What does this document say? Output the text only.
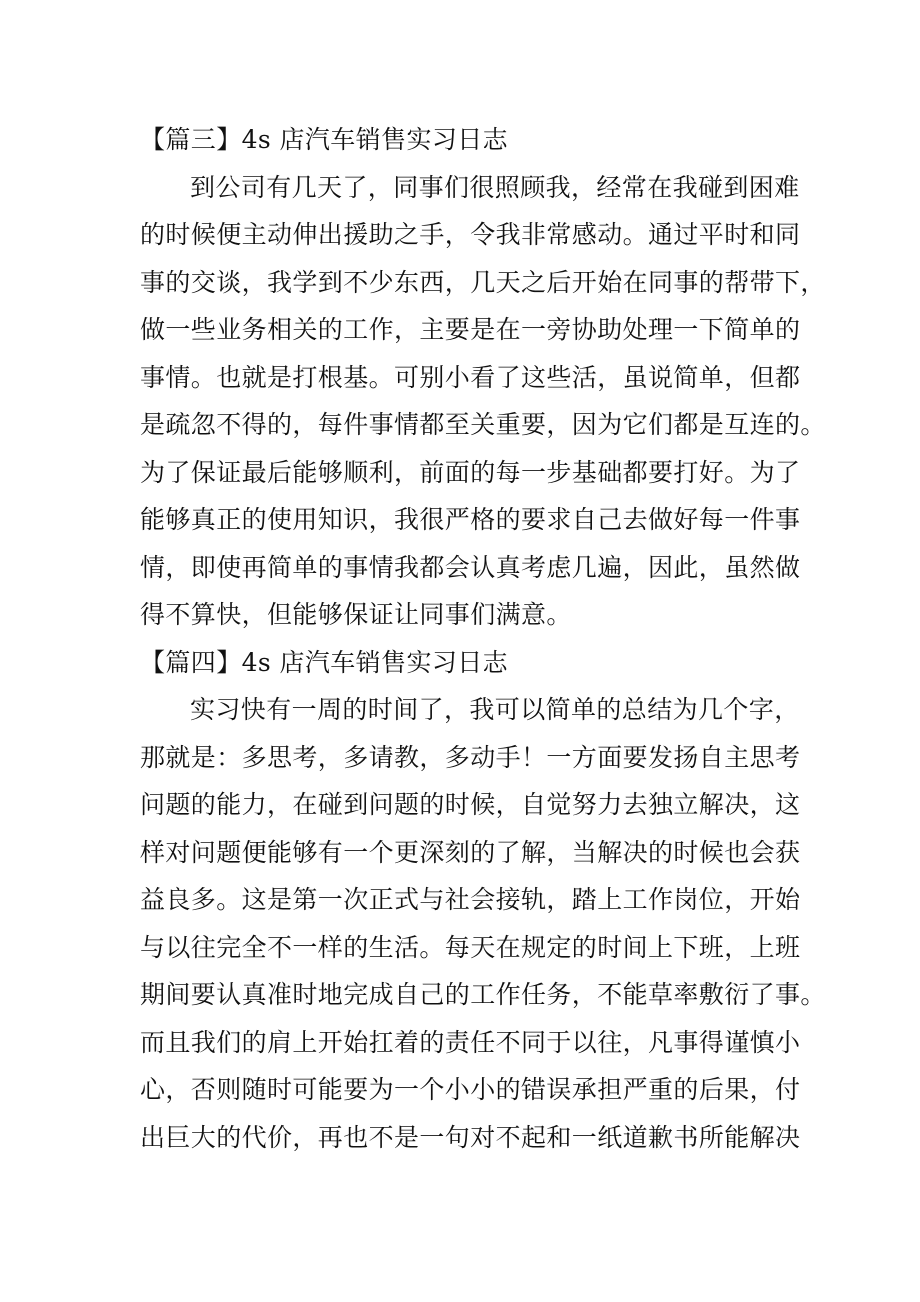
【篇三】4s 店汽车销售实习日志
到公司有几天了，同事们很照顾我，经常在我碰到困难
的时候便主动伸出援助之手，令我非常感动。通过平时和同
事的交谈，我学到不少东西，几天之后开始在同事的帮带下，
做一些业务相关的工作，主要是在一旁协助处理一下简单的
事情。也就是打根基。可别小看了这些活，虽说简单，但都
是疏忽不得的，每件事情都至关重要，因为它们都是互连的。
为了保证最后能够顺利，前面的每一步基础都要打好。为了
能够真正的使用知识，我很严格的要求自己去做好每一件事
情，即使再简单的事情我都会认真考虑几遍，因此，虽然做
得不算快，但能够保证让同事们满意。
【篇四】4s 店汽车销售实习日志
实习快有一周的时间了，我可以简单的总结为几个字，
那就是：多思考，多请教，多动手！一方面要发扬自主思考
问题的能力，在碰到问题的时候，自觉努力去独立解决，这
样对问题便能够有一个更深刻的了解，当解决的时候也会获
益良多。这是第一次正式与社会接轨，踏上工作岗位，开始
与以往完全不一样的生活。每天在规定的时间上下班，上班
期间要认真准时地完成自己的工作任务，不能草率敷衍了事。
而且我们的肩上开始扛着的责任不同于以往，凡事得谨慎小
心，否则随时可能要为一个小小的错误承担严重的后果，付
出巨大的代价，再也不是一句对不起和一纸道歉书所能解决
